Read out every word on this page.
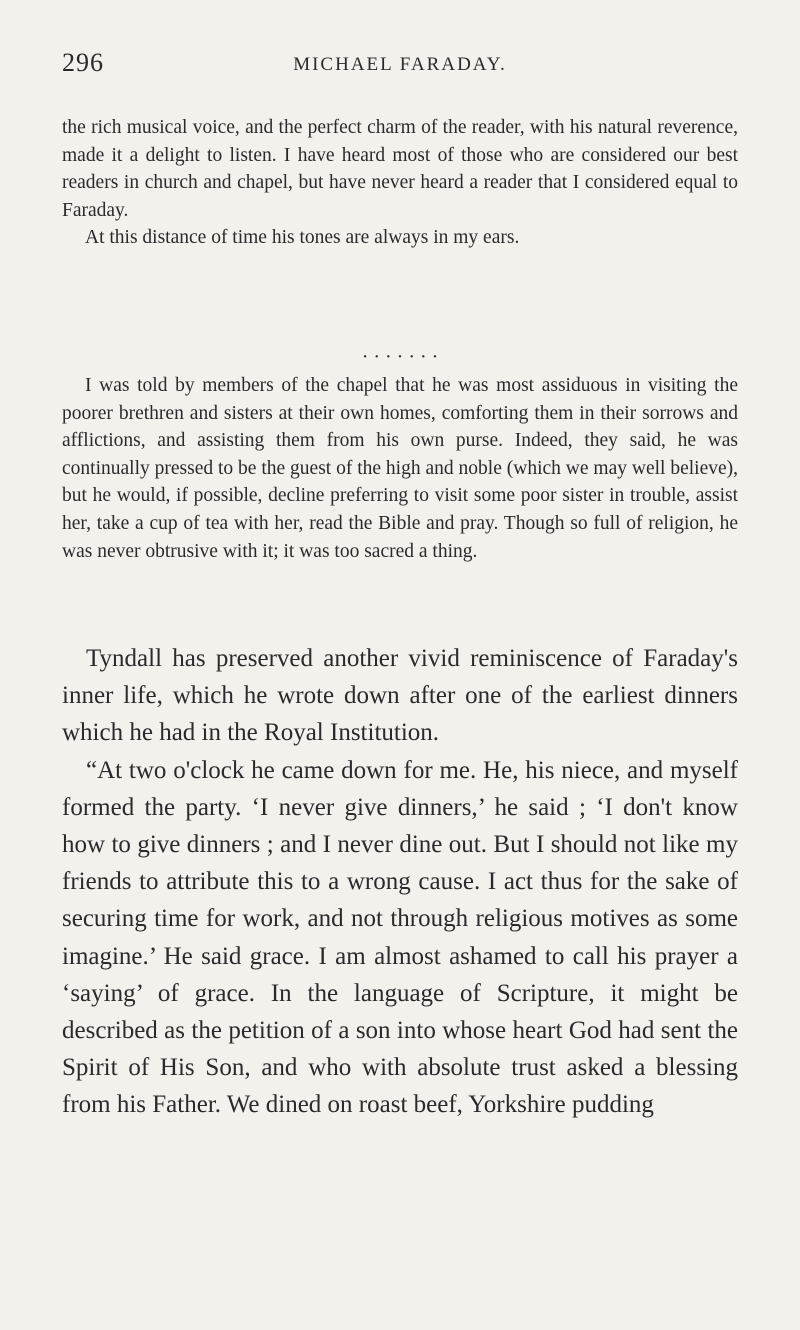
296	MICHAEL FARADAY.

the rich musical voice, and the perfect charm of the reader, with his natural reverence, made it a delight to listen. I have heard most of those who are considered our best readers in church and chapel, but have never heard a reader that I considered equal to Faraday.

At this distance of time his tones are always in my ears.

· · · · · · ·

I was told by members of the chapel that he was most assiduous in visiting the poorer brethren and sisters at their own homes, comforting them in their sorrows and afflictions, and assisting them from his own purse. Indeed, they said, he was continually pressed to be the guest of the high and noble (which we may well believe), but he would, if possible, decline preferring to visit some poor sister in trouble, assist her, take a cup of tea with her, read the Bible and pray. Though so full of religion, he was never obtrusive with it; it was too sacred a thing.

Tyndall has preserved another vivid reminiscence of Faraday's inner life, which he wrote down after one of the earliest dinners which he had in the Royal Institution.

“At two o'clock he came down for me. He, his niece, and myself formed the party. ‘I never give dinners,’ he said ; ‘I don't know how to give dinners ; and I never dine out. But I should not like my friends to attribute this to a wrong cause. I act thus for the sake of securing time for work, and not through religious motives as some imagine.’ He said grace. I am almost ashamed to call his prayer a ‘saying’ of grace. In the language of Scripture, it might be described as the petition of a son into whose heart God had sent the Spirit of His Son, and who with absolute trust asked a blessing from his Father. We dined on roast beef, Yorkshire pudding
